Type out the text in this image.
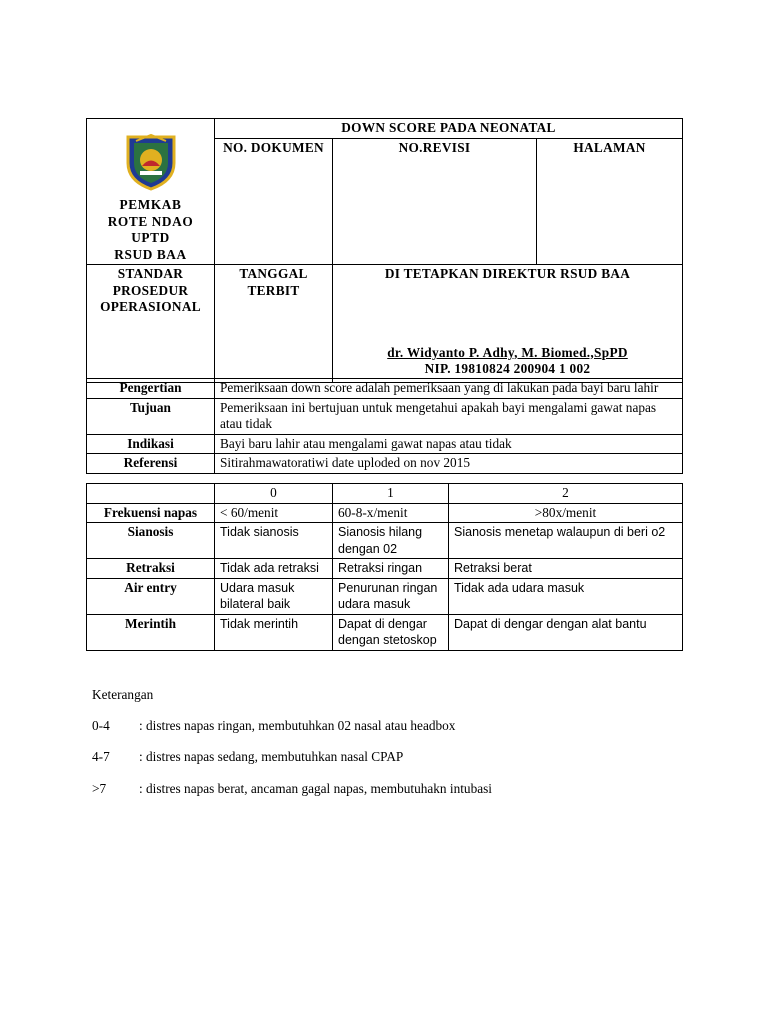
PEMKAB
ROTE NDAO
UPTD
RSUD BAA	DOWN SCORE PADA NEONATAL		
	NO. DOKUMEN	NO.REVISI	HALAMAN
STANDAR PROSEDUR OPERASIONAL	TANGGAL TERBIT	DI TETAPKAN DIREKTUR RSUD BAA
dr. Widyanto P. Adhy, M. Biomed.,SpPD
NIP. 19810824 200904 1 002	
Pengertian	Pemeriksaan down score adalah pemeriksaan yang di lakukan pada bayi baru lahir
Tujuan	Pemeriksaan ini bertujuan untuk mengetahui apakah bayi mengalami gawat napas atau tidak
Indikasi	Bayi baru lahir atau mengalami gawat napas atau tidak
Referensi	Sitirahmawatoratiwi date uploded on nov 2015
	0	1	2
Frekuensi napas	< 60/menit	60-8-x/menit	>80x/menit
Sianosis	Tidak sianosis	Sianosis hilang dengan 02	Sianosis menetap walaupun di beri o2
Retraksi	Tidak ada retraksi	Retraksi ringan	Retraksi berat
Air entry	Udara masuk bilateral baik	Penurunan ringan udara masuk	Tidak ada udara masuk
Merintih	Tidak merintih	Dapat di dengar dengan stetoskop	Dapat di dengar dengan alat bantu
Keterangan
0-4 : distres napas ringan, membutuhkan 02 nasal atau headbox
4-7 : distres napas sedang, membutuhkan nasal CPAP
>7 : distres napas berat, ancaman gagal napas, membutuhakn intubasi
